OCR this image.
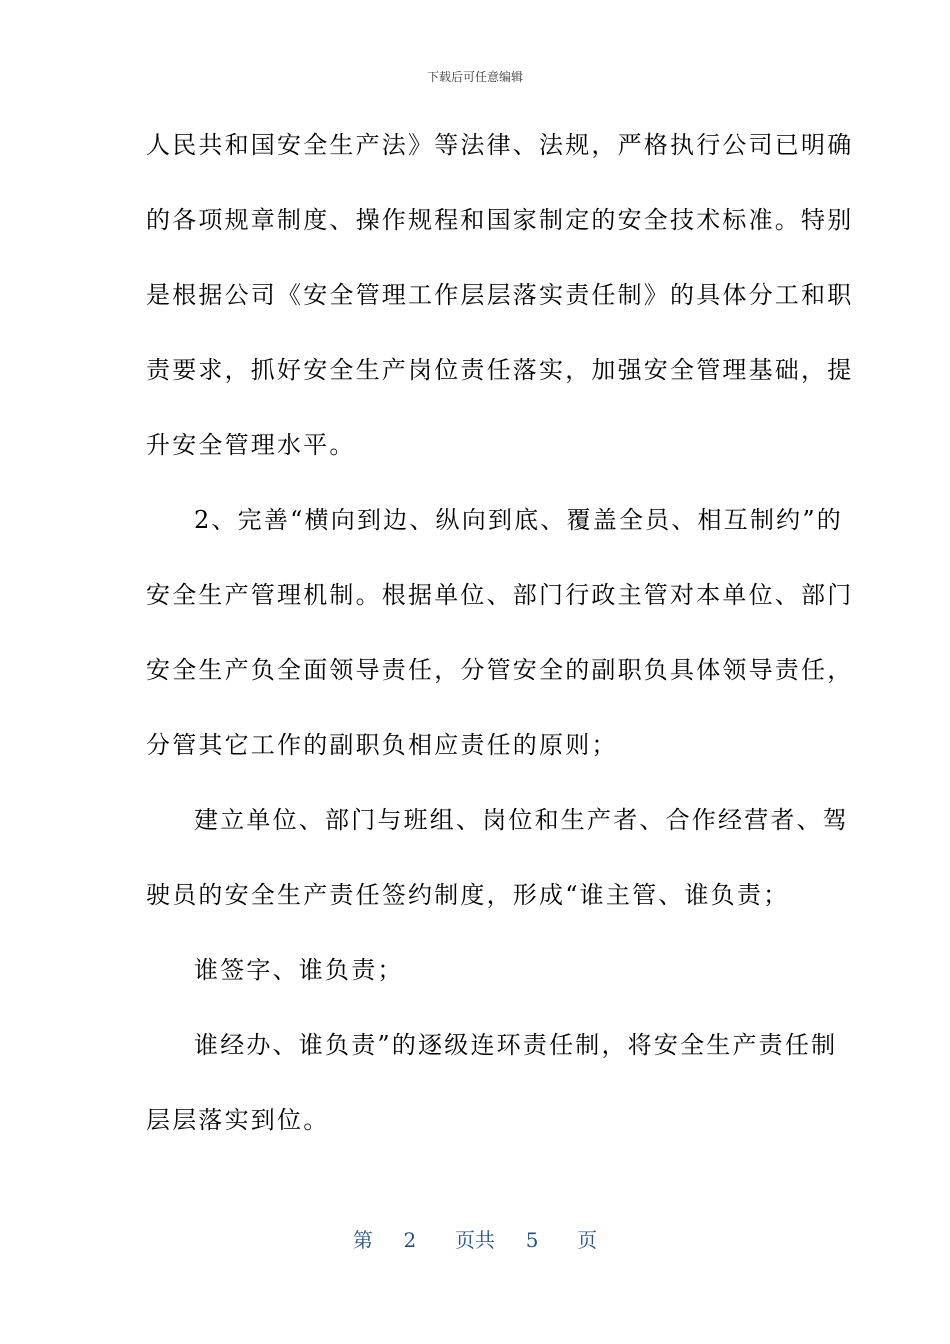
下载后可任意编辑
人民共和国安全生产法》等法律、法规，严格执行公司已明确
的各项规章制度、操作规程和国家制定的安全技术标准。特别
是根据公司《安全管理工作层层落实责任制》的具体分工和职
责要求，抓好安全生产岗位责任落实，加强安全管理基础，提
升安全管理水平。
2、完善“横向到边、纵向到底、覆盖全员、相互制约”的
安全生产管理机制。根据单位、部门行政主管对本单位、部门
安全生产负全面领导责任，分管安全的副职负具体领导责任，
分管其它工作的副职负相应责任的原则；
建立单位、部门与班组、岗位和生产者、合作经营者、驾
驶员的安全生产责任签约制度，形成“谁主管、谁负责；
谁签字、谁负责；
谁经办、谁负责”的逐级连环责任制，将安全生产责任制
层层落实到位。
第 2 页共 5 页
